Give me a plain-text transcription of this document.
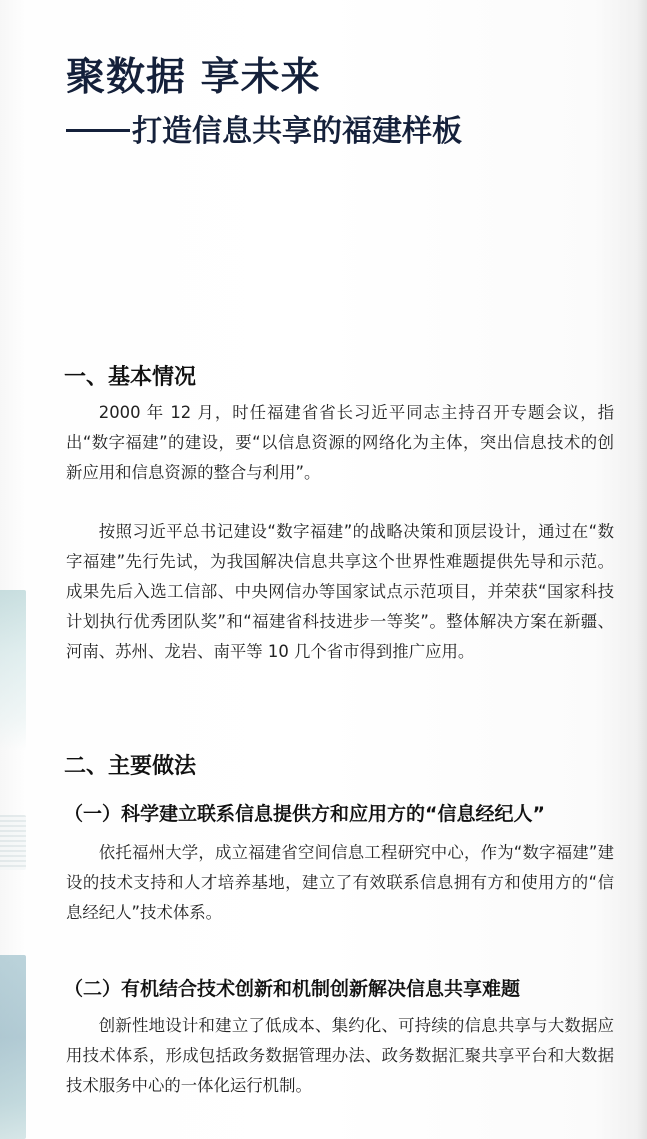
聚数据 享未来
打造信息共享的福建样板
一、基本情况

2000 年 12 月，时任福建省省长习近平同志主持召开专题会议，指出“数字福建”的建设，要“以信息资源的网络化为主体，突出信息技术的创新应用和信息资源的整合与利用”。

按照习近平总书记建设“数字福建”的战略决策和顶层设计，通过在“数字福建”先行先试，为我国解决信息共享这个世界性难题提供先导和示范。成果先后入选工信部、中央网信办等国家试点示范项目，并荣获“国家科技计划执行优秀团队奖”和“福建省科技进步一等奖”。整体解决方案在新疆、河南、苏州、龙岩、南平等 10 几个省市得到推广应用。

二、主要做法
（一）科学建立联系信息提供方和应用方的“信息经纪人”

依托福州大学，成立福建省空间信息工程研究中心，作为“数字福建”建设的技术支持和人才培养基地，建立了有效联系信息拥有方和使用方的“信息经纪人”技术体系。

（二）有机结合技术创新和机制创新解决信息共享难题

创新性地设计和建立了低成本、集约化、可持续的信息共享与大数据应用技术体系，形成包括政务数据管理办法、政务数据汇聚共享平台和大数据技术服务中心的一体化运行机制。
